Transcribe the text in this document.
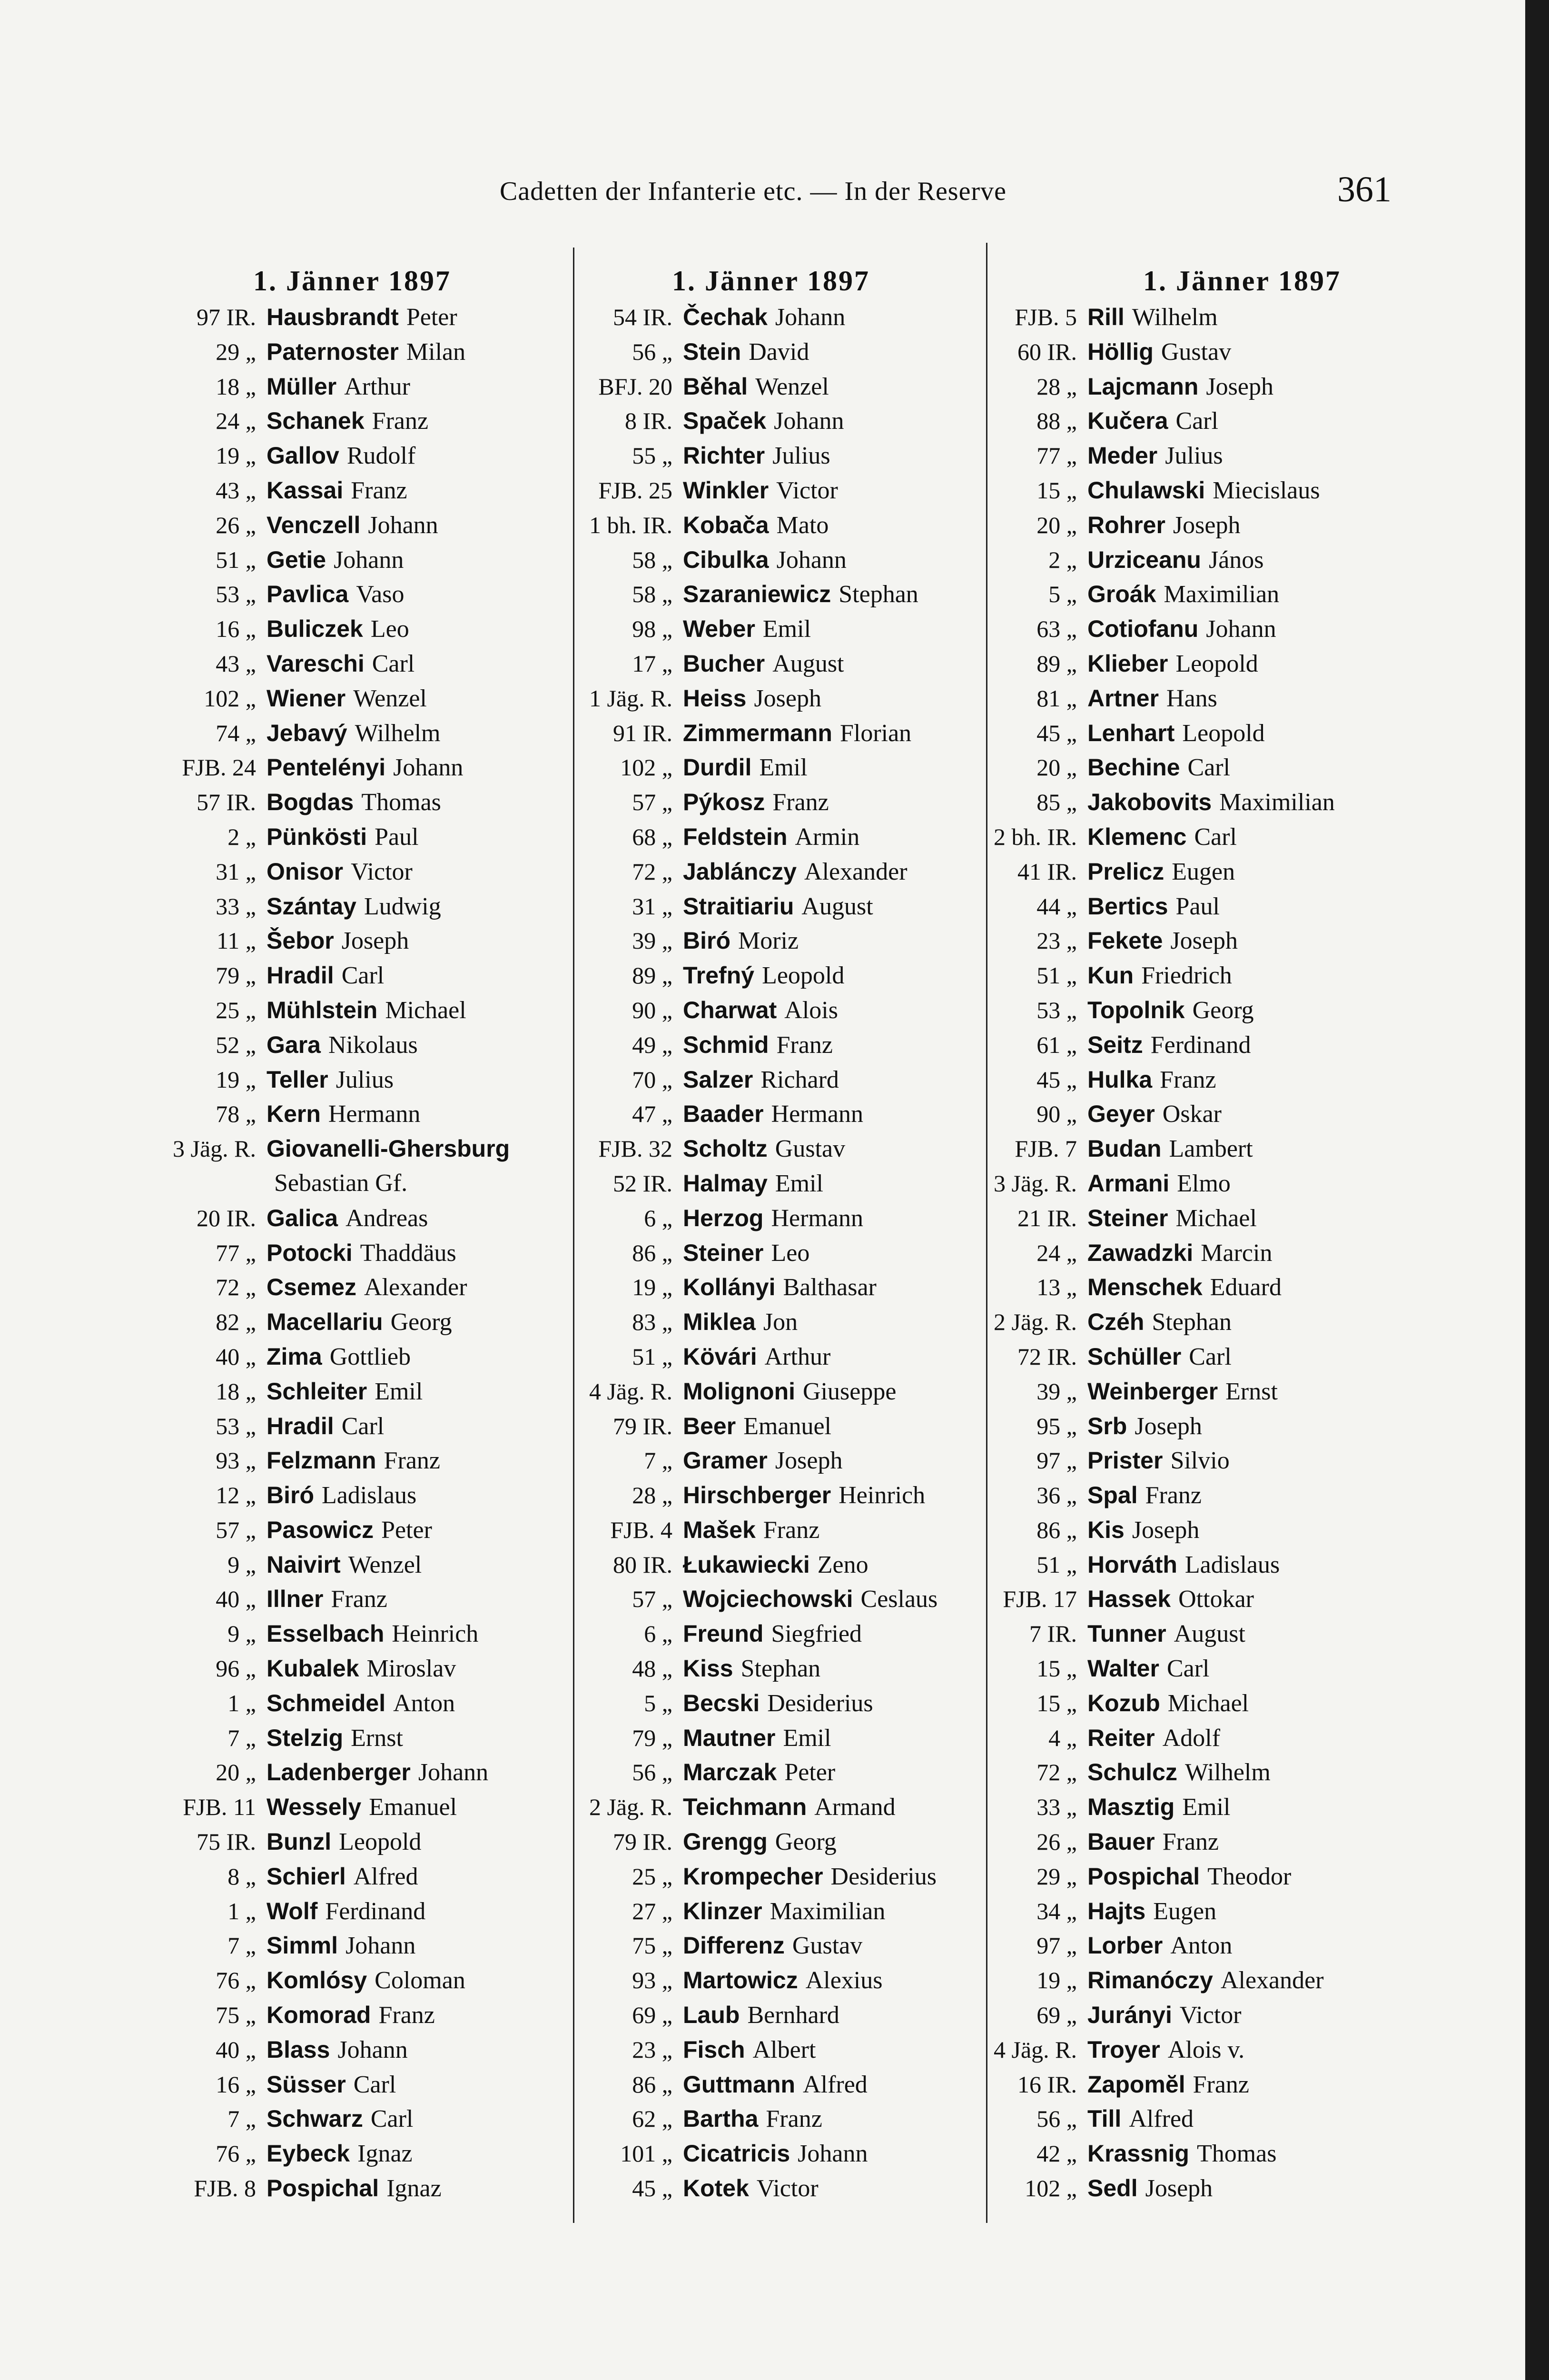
Cadetten der Infanterie etc. — In der Reserve	361
1. Jänner 1897
97 IR. Hausbrandt Peter
29 „ Paternoster Milan
18 „ Müller Arthur
24 „ Schanek Franz
19 „ Gallov Rudolf
43 „ Kassai Franz
26 „ Venczell Johann
51 „ Getie Johann
53 „ Pavlica Vaso
16 „ Buliczek Leo
43 „ Vareschi Carl
102 „ Wiener Wenzel
74 „ Jebavý Wilhelm
FJB. 24 Pentelényi Johann
57 IR. Bogdas Thomas
2 „ Pünkösti Paul
31 „ Onisor Victor
33 „ Szántay Ludwig
11 „ Šebor Joseph
79 „ Hradil Carl
25 „ Mühlstein Michael
52 „ Gara Nikolaus
19 „ Teller Julius
78 „ Kern Hermann
3 Jäg. R. Giovanelli-Ghersburg
Sebastian Gf.
20 IR. Galica Andreas
77 „ Potocki Thaddäus
72 „ Csemez Alexander
82 „ Macellariu Georg
40 „ Zima Gottlieb
18 „ Schleiter Emil
53 „ Hradil Carl
93 „ Felzmann Franz
12 „ Biró Ladislaus
57 „ Pasowicz Peter
9 „ Naivirt Wenzel
40 „ Illner Franz
9 „ Esselbach Heinrich
96 „ Kubalek Miroslav
1 „ Schmeidel Anton
7 „ Stelzig Ernst
20 „ Ladenberger Johann
FJB. 11 Wessely Emanuel
75 IR. Bunzl Leopold
8 „ Schierl Alfred
1 „ Wolf Ferdinand
7 „ Simml Johann
76 „ Komlósy Coloman
75 „ Komorad Franz
40 „ Blass Johann
16 „ Süsser Carl
7 „ Schwarz Carl
76 „ Eybeck Ignaz
FJB. 8 Pospichal Ignaz
1. Jänner 1897
54 IR. Čechak Johann
56 „ Stein David
BFJ. 20 Běhal Wenzel
8 IR. Spaček Johann
55 „ Richter Julius
FJB. 25 Winkler Victor
1 bh. IR. Kobača Mato
58 „ Cibulka Johann
58 „ Szaraniewicz Stephan
98 „ Weber Emil
17 „ Bucher August
1 Jäg. R. Heiss Joseph
91 IR. Zimmermann Florian
102 „ Durdil Emil
57 „ Pýkosz Franz
68 „ Feldstein Armin
72 „ Jablánczy Alexander
31 „ Straitiariu August
39 „ Biró Moriz
89 „ Trefný Leopold
90 „ Charwat Alois
49 „ Schmid Franz
70 „ Salzer Richard
47 „ Baader Hermann
FJB. 32 Scholtz Gustav
52 IR. Halmay Emil
6 „ Herzog Hermann
86 „ Steiner Leo
19 „ Kollányi Balthasar
83 „ Miklea Jon
51 „ Kövári Arthur
4 Jäg. R. Molignoni Giuseppe
79 IR. Beer Emanuel
7 „ Gramer Joseph
28 „ Hirschberger Heinrich
FJB. 4 Mašek Franz
80 IR. Łukawiecki Zeno
57 „ Wojciechowski Ceslaus
6 „ Freund Siegfried
48 „ Kiss Stephan
5 „ Becski Desiderius
79 „ Mautner Emil
56 „ Marczak Peter
2 Jäg. R. Teichmann Armand
79 IR. Grengg Georg
25 „ Krompecher Desiderius
27 „ Klinzer Maximilian
75 „ Differenz Gustav
93 „ Martowicz Alexius
69 „ Laub Bernhard
23 „ Fisch Albert
86 „ Guttmann Alfred
62 „ Bartha Franz
101 „ Cicatricis Johann
45 „ Kotek Victor
1. Jänner 1897
FJB. 5 Rill Wilhelm
60 IR. Höllig Gustav
28 „ Lajcmann Joseph
88 „ Kučera Carl
77 „ Meder Julius
15 „ Chulawski Miecislaus
20 „ Rohrer Joseph
2 „ Urziceanu János
5 „ Groák Maximilian
63 „ Cotiofanu Johann
89 „ Klieber Leopold
81 „ Artner Hans
45 „ Lenhart Leopold
20 „ Bechine Carl
85 „ Jakobovits Maximilian
2 bh. IR. Klemenc Carl
41 IR. Prelicz Eugen
44 „ Bertics Paul
23 „ Fekete Joseph
51 „ Kun Friedrich
53 „ Topolnik Georg
61 „ Seitz Ferdinand
45 „ Hulka Franz
90 „ Geyer Oskar
FJB. 7 Budan Lambert
3 Jäg. R. Armani Elmo
21 IR. Steiner Michael
24 „ Zawadzki Marcin
13 „ Menschek Eduard
2 Jäg. R. Czéh Stephan
72 IR. Schüller Carl
39 „ Weinberger Ernst
95 „ Srb Joseph
97 „ Prister Silvio
36 „ Spal Franz
86 „ Kis Joseph
51 „ Horváth Ladislaus
FJB. 17 Hassek Ottokar
7 IR. Tunner August
15 „ Walter Carl
15 „ Kozub Michael
4 „ Reiter Adolf
72 „ Schulcz Wilhelm
33 „ Masztig Emil
26 „ Bauer Franz
29 „ Pospichal Theodor
34 „ Hajts Eugen
97 „ Lorber Anton
19 „ Rimanóczy Alexander
69 „ Jurányi Victor
4 Jäg. R. Troyer Alois v.
16 IR. Zapomĕl Franz
56 „ Till Alfred
42 „ Krassnig Thomas
102 „ Sedl Joseph
